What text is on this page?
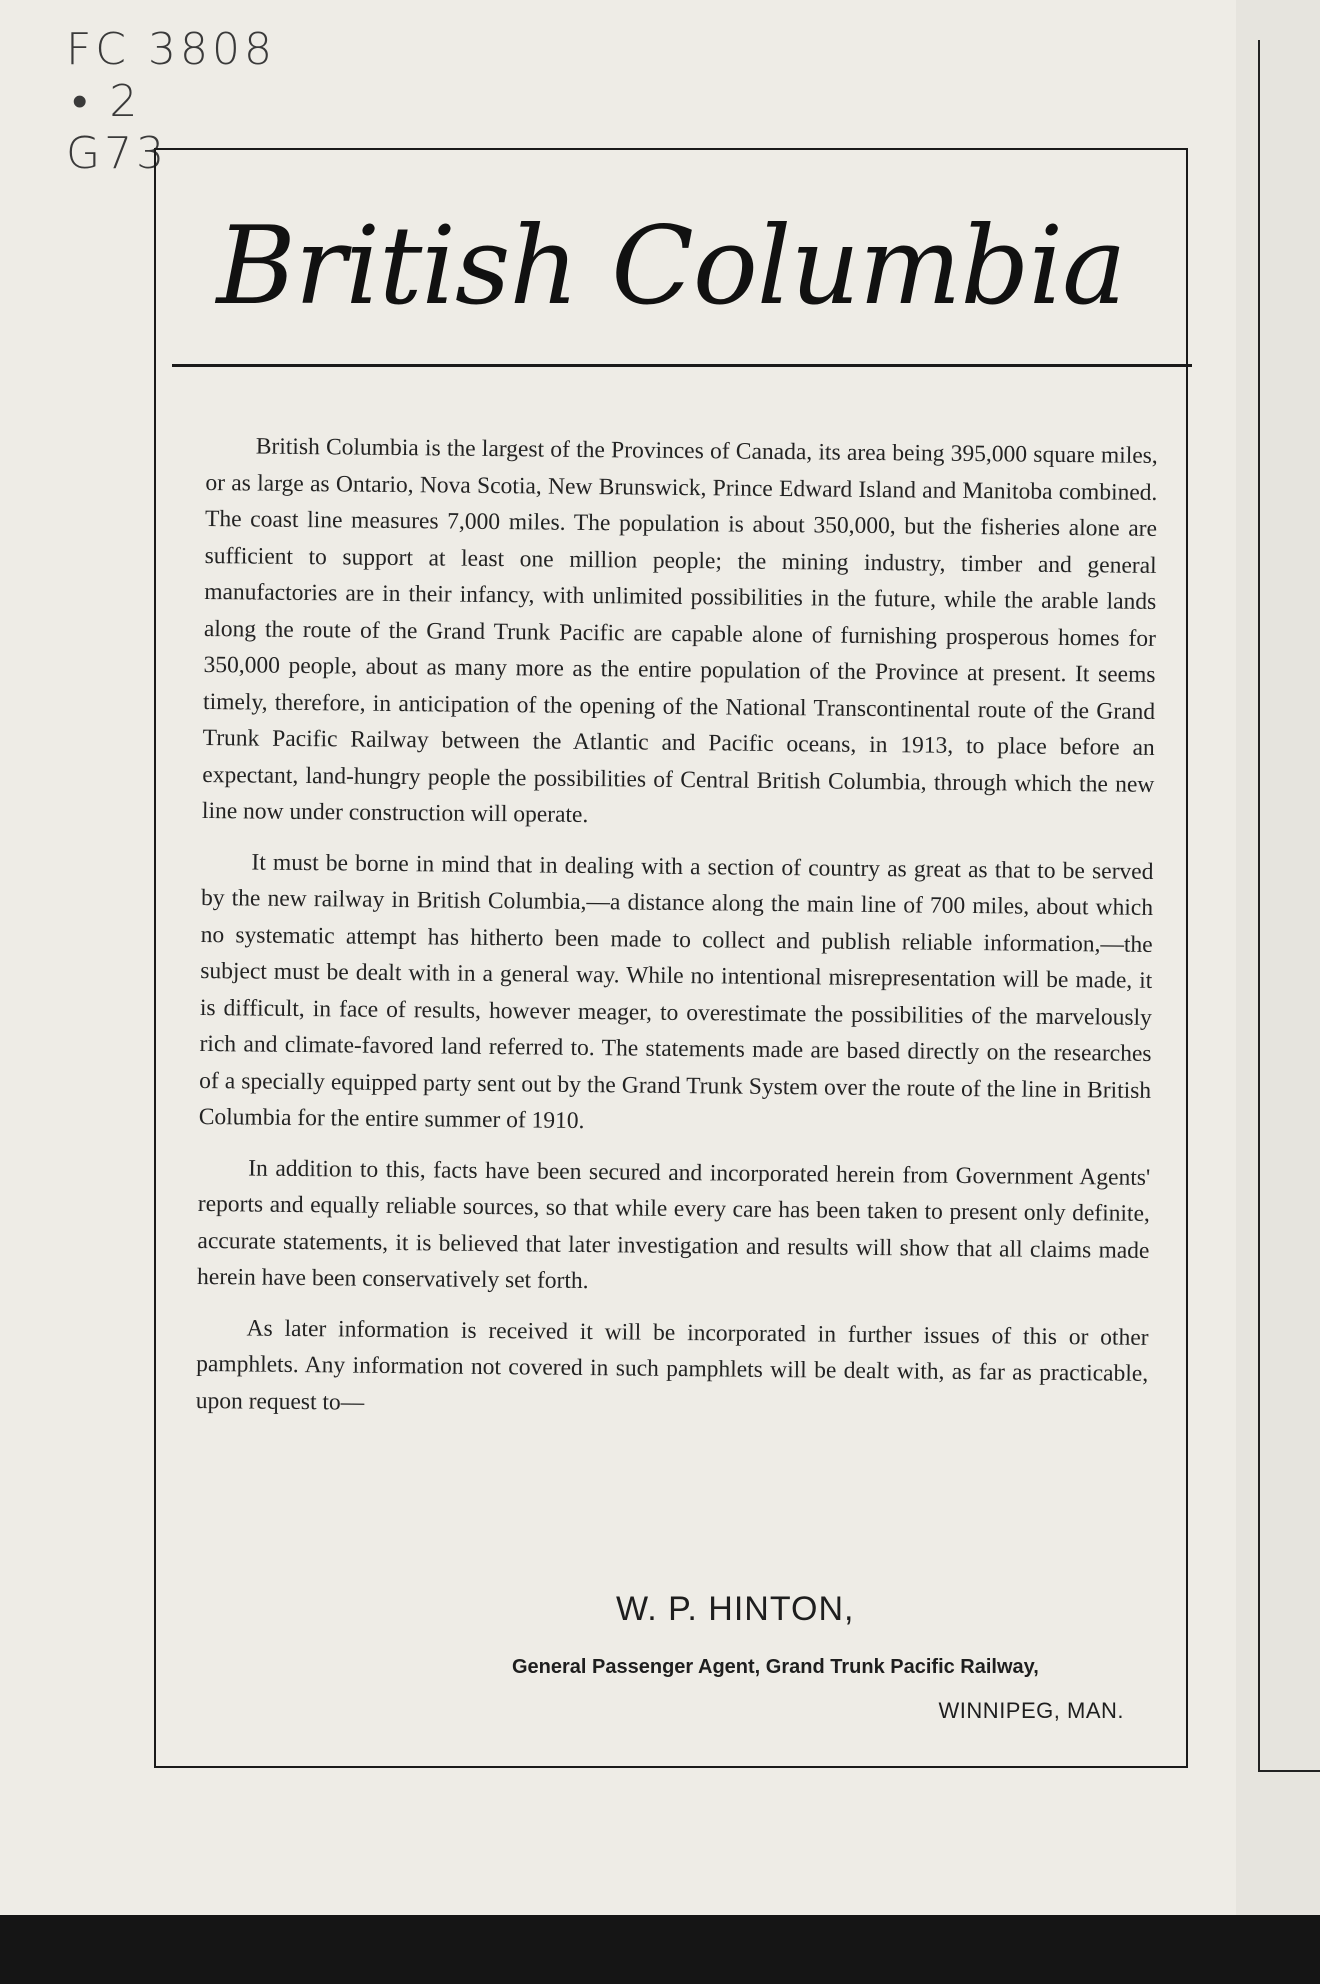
FC 3808
• 2
G73
British Columbia

British Columbia is the largest of the Provinces of Canada, its area being 395,000 square miles, or as large as Ontario, Nova Scotia, New Brunswick, Prince Edward Island and Manitoba combined. The coast line measures 7,000 miles. The population is about 350,000, but the fisheries alone are sufficient to support at least one million people; the mining industry, timber and general manufactories are in their infancy, with unlimited possibilities in the future, while the arable lands along the route of the Grand Trunk Pacific are capable alone of furnishing prosperous homes for 350,000 people, about as many more as the entire population of the Province at present. It seems timely, therefore, in anticipation of the opening of the National Transcontinental route of the Grand Trunk Pacific Railway between the Atlantic and Pacific oceans, in 1913, to place before an expectant, land-hungry people the possibilities of Central British Columbia, through which the new line now under construction will operate.

It must be borne in mind that in dealing with a section of country as great as that to be served by the new railway in British Columbia,—a distance along the main line of 700 miles, about which no systematic attempt has hitherto been made to collect and publish reliable information,—the subject must be dealt with in a general way. While no intentional misrepresentation will be made, it is difficult, in face of results, however meager, to overestimate the possibilities of the marvelously rich and climate-favored land referred to. The statements made are based directly on the researches of a specially equipped party sent out by the Grand Trunk System over the route of the line in British Columbia for the entire summer of 1910.

In addition to this, facts have been secured and incorporated herein from Government Agents' reports and equally reliable sources, so that while every care has been taken to present only definite, accurate statements, it is believed that later investigation and results will show that all claims made herein have been conservatively set forth.

As later information is received it will be incorporated in further issues of this or other pamphlets. Any information not covered in such pamphlets will be dealt with, as far as practicable, upon request to—

W. P. HINTON,
General Passenger Agent, Grand Trunk Pacific Railway,
WINNIPEG, MAN.
